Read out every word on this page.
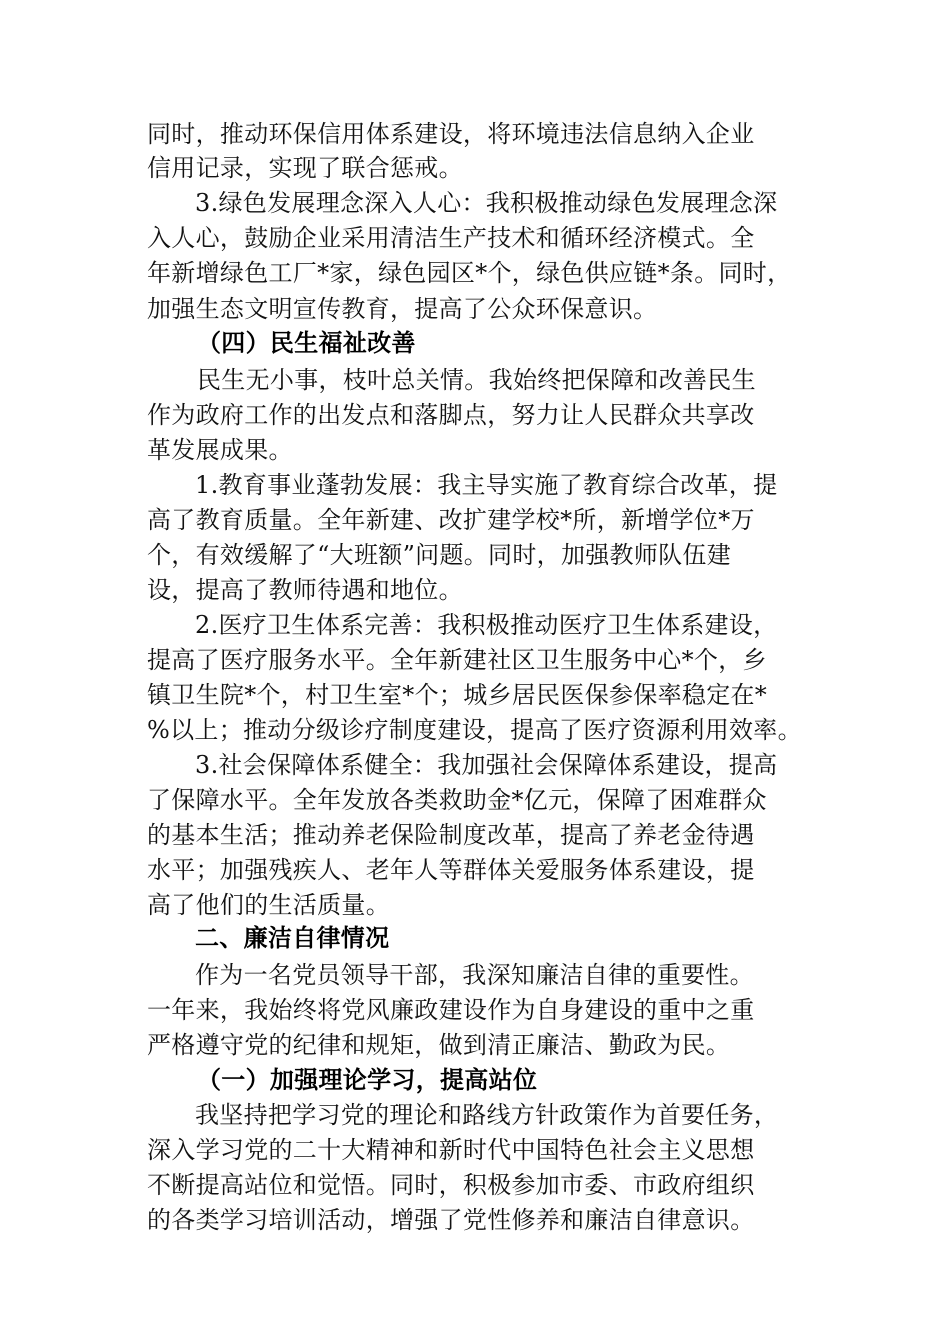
同时，推动环保信用体系建设，将环境违法信息纳入企业
信用记录，实现了联合惩戒。
3.绿色发展理念深入人心：我积极推动绿色发展理念深
入人心，鼓励企业采用清洁生产技术和循环经济模式。全
年新增绿色工厂*家，绿色园区*个，绿色供应链*条。同时，
加强生态文明宣传教育，提高了公众环保意识。
（四）民生福祉改善
民生无小事，枝叶总关情。我始终把保障和改善民生
作为政府工作的出发点和落脚点，努力让人民群众共享改
革发展成果。
1.教育事业蓬勃发展：我主导实施了教育综合改革，提
高了教育质量。全年新建、改扩建学校*所，新增学位*万
个，有效缓解了“大班额”问题。同时，加强教师队伍建
设，提高了教师待遇和地位。
2.医疗卫生体系完善：我积极推动医疗卫生体系建设，
提高了医疗服务水平。全年新建社区卫生服务中心*个，乡
镇卫生院*个，村卫生室*个；城乡居民医保参保率稳定在*
%以上；推动分级诊疗制度建设，提高了医疗资源利用效率。
3.社会保障体系健全：我加强社会保障体系建设，提高
了保障水平。全年发放各类救助金*亿元，保障了困难群众
的基本生活；推动养老保险制度改革，提高了养老金待遇
水平；加强残疾人、老年人等群体关爱服务体系建设，提
高了他们的生活质量。
二、廉洁自律情况
作为一名党员领导干部，我深知廉洁自律的重要性。
一年来，我始终将党风廉政建设作为自身建设的重中之重
严格遵守党的纪律和规矩，做到清正廉洁、勤政为民。
（一）加强理论学习，提高站位
我坚持把学习党的理论和路线方针政策作为首要任务，
深入学习党的二十大精神和新时代中国特色社会主义思想
不断提高站位和觉悟。同时，积极参加市委、市政府组织
的各类学习培训活动，增强了党性修养和廉洁自律意识。
